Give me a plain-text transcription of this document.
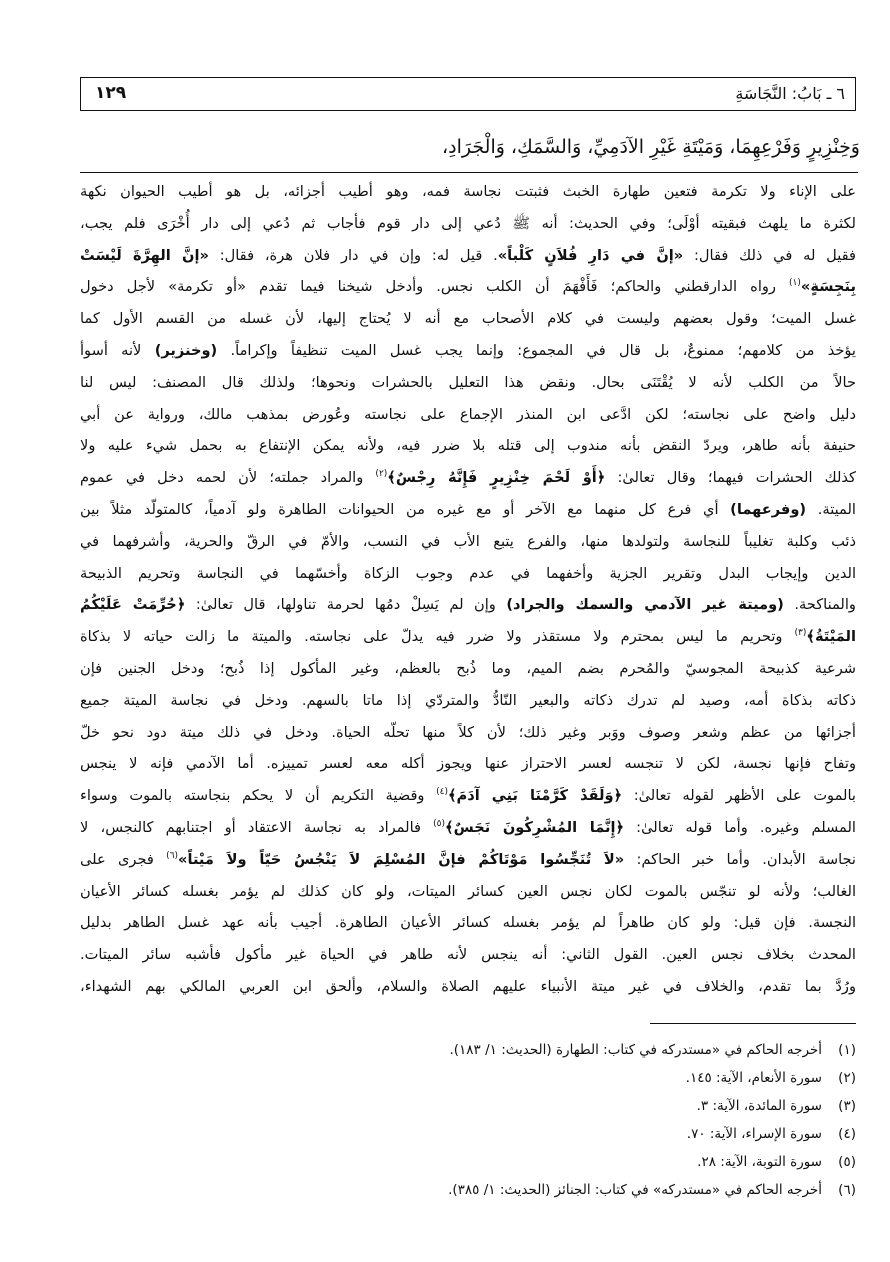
٦ ـ بَابُ: النَّجَاسَةِ
١٢٩
وَخِنْزِيرٍ وَفَرْعِهِمَا، وَمَيْتَةِ غَيْرِ الآدَمِيِّ، وَالسَّمَكِ، وَالْجَرَادِ،
على الإناء ولا تكرمة فتعين طهارة الخبث فثبتت نجاسة فمه، وهو أطيب أجزائه، بل هو أطيب الحيوان نكهة
لكثرة ما يلهث فبقيته أوْلَى؛ وفي الحديث: أنه ﷺ دُعي إلى دار قوم فأجاب ثم دُعي إلى دار أُخْرَى فلم يجب،
فقيل له في ذلك فقال: «إنَّ في دَارِ فُلاَنٍ كَلْباً». قيل له: وإن في دار فلان هرة، فقال: «إنَّ الهِرَّةَ لَيْسَتْ
بِنَجِسَةٍ»$^{(١)}$ رواه الدارقطني والحاكم؛ فَأَفْهَمَ أن الكلب نجس. وأدخل شيخنا فيما تقدم «أو تكرمة» لأجل دخول
غسل الميت؛ وقول بعضهم وليست في كلام الأصحاب مع أنه لا يُحتاج إليها، لأن غسله من القسم الأول كما
يؤخذ من كلامهم؛ ممنوعٌ، بل قال في المجموع: وإنما يجب غسل الميت تنظيفاً وإكراماً. (وخنزير) لأنه أسوأ
حالاً من الكلب لأنه لا يُقْتَنَى بحال. ونقض هذا التعليل بالحشرات ونحوها؛ ولذلك قال المصنف: ليس لنا
دليل واضح على نجاسته؛ لكن ادَّعى ابن المنذر الإجماع على نجاسته وعُورض بمذهب مالك، ورواية عن أبي
حنيفة بأنه طاهر، ويردّ النقض بأنه مندوب إلى قتله بلا ضرر فيه، ولأنه يمكن الإنتفاع به بحمل شيء عليه ولا
كذلك الحشرات فيهما؛ وقال تعالىٰ: ﴿أَوْ لَحْمَ خِنْزِيرٍ فَإِنَّهُ رِجْسٌ﴾$^{(٢)}$ والمراد جملته؛ لأن لحمه دخل في عموم
الميتة. (وفرعهما) أي فرع كل منهما مع الآخر أو مع غيره من الحيوانات الطاهرة ولو آدمياً، كالمتولّد مثلاً بين
ذئب وكلبة تغليباً للنجاسة ولتولدها منها، والفرع يتبع الأب في النسب، والأمّ في الرقّ والحرية، وأشرفهما في
الدين وإيجاب البدل وتقرير الجزية وأخفهما في عدم وجوب الزكاة وأخسّهما في النجاسة وتحريم الذبيحة
والمناكحة. (وميتة غير الآدمي والسمك والجراد) وإن لم يَسِلْ دمُها لحرمة تناولها، قال تعالىٰ: ﴿حُرِّمَتْ عَلَيْكُمُ
المَيْتَةُ﴾$^{(٣)}$ وتحريم ما ليس بمحترم ولا مستقذر ولا ضرر فيه يدلّ على نجاسته. والميتة ما زالت حياته لا بذكاة
شرعية كذبيحة المجوسيّ والمُحرم بضم الميم، وما ذُبح بالعظم، وغير المأكول إذا ذُبح؛ ودخل الجنين فإن
ذكاته بذكاة أمه، وصيد لم تدرك ذكاته والبعير النّادُّ والمتردّي إذا ماتا بالسهم. ودخل في نجاسة الميتة جميع
أجزائها من عظم وشعر وصوف ووَبر وغير ذلك؛ لأن كلاً منها تحلّه الحياة. ودخل في ذلك ميتة دود نحو خلّ
وتفاح فإنها نجسة، لكن لا تنجسه لعسر الاحتراز عنها ويجوز أكله معه لعسر تمييزه. أما الآدمي فإنه لا ينجس
بالموت على الأظهر لقوله تعالىٰ: ﴿وَلَقَدْ كَرَّمْنَا بَنِي آدَمَ﴾$^{(٤)}$ وقضية التكريم أن لا يحكم بنجاسته بالموت وسواء
المسلم وغيره. وأما قوله تعالىٰ: ﴿إِنَّمَا المُشْرِكُونَ نَجَسٌ﴾$^{(٥)}$ فالمراد به نجاسة الاعتقاد أو اجتنابهم كالنجس، لا
نجاسة الأبدان. وأما خبر الحاكم: «لاَ تُنَجِّسُوا مَوْتَاكُمْ فإنَّ المُسْلِمَ لاَ يَنْجُسُ حَيّاً ولاَ مَيْتاً»$^{(٦)}$ فجرى على
الغالب؛ ولأنه لو تنجّس بالموت لكان نجس العين كسائر الميتات، ولو كان كذلك لم يؤمر بغسله كسائر الأعيان
النجسة. فإن قيل: ولو كان طاهراً لم يؤمر بغسله كسائر الأعيان الطاهرة. أجيب بأنه عهد غسل الطاهر بدليل
المحدث بخلاف نجس العين. القول الثاني: أنه ينجس لأنه طاهر في الحياة غير مأكول فأشبه سائر الميتات.
ورُدَّ بما تقدم، والخلاف في غير ميتة الأنبياء عليهم الصلاة والسلام، وألحق ابن العربي المالكي بهم الشهداء،
(١)أخرجه الحاكم في «مستدركه في كتاب: الطهارة (الحديث: ١/ ١٨٣).
(٢)سورة الأنعام، الآية: ١٤٥.
(٣)سورة المائدة، الآية: ٣.
(٤)سورة الإسراء، الآية: ٧٠.
(٥)سورة التوبة، الآية: ٢٨.
(٦)أخرجه الحاكم في «مستدركه» في كتاب: الجنائز (الحديث: ١/ ٣٨٥).
